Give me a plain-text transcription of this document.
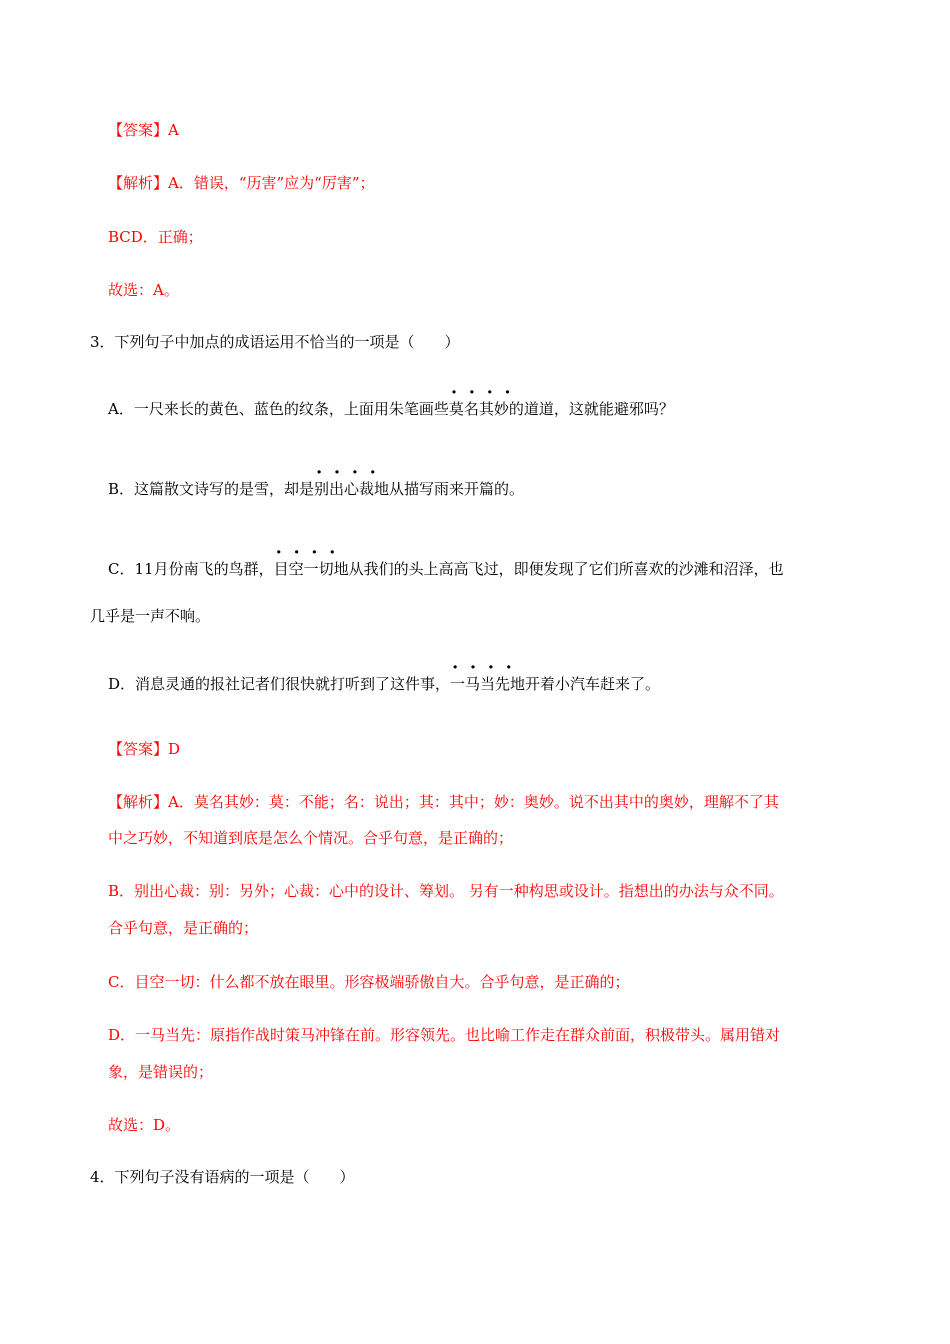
【答案】A
【解析】A．错误，“历害”应为“厉害”；
BCD．正确；
故选：A。
3．下列句子中加点的成语运用不恰当的一项是（　　）
A．一尺来长的黄色、蓝色的纹条，上面用朱笔画些· · · · 莫名其妙的道道，这就能避邪吗？
B．这篇散文诗写的是雪，却是· · · · 别出心裁地从描写雨来开篇的。
C．11月份南飞的鸟群，· · · · 目空一切地从我们的头上高高飞过，即便发现了它们所喜欢的沙滩和沼泽，也
几乎是一声不响。
D．消息灵通的报社记者们很快就打听到了这件事，· · · · 一马当先地开着小汽车赶来了。
【答案】D
【解析】A．莫名其妙：莫：不能；名：说出；其：其中；妙：奥妙。说不出其中的奥妙，理解不了其
中之巧妙，不知道到底是怎么个情况。合乎句意，是正确的；
B．别出心裁：别：另外；心裁：心中的设计、筹划。 另有一种构思或设计。指想出的办法与众不同。
合乎句意，是正确的；
C．目空一切：什么都不放在眼里。形容极端骄傲自大。合乎句意，是正确的；
D．一马当先：原指作战时策马冲锋在前。形容领先。也比喻工作走在群众前面，积极带头。属用错对
象，是错误的；
故选：D。
4．下列句子没有语病的一项是（　　）
